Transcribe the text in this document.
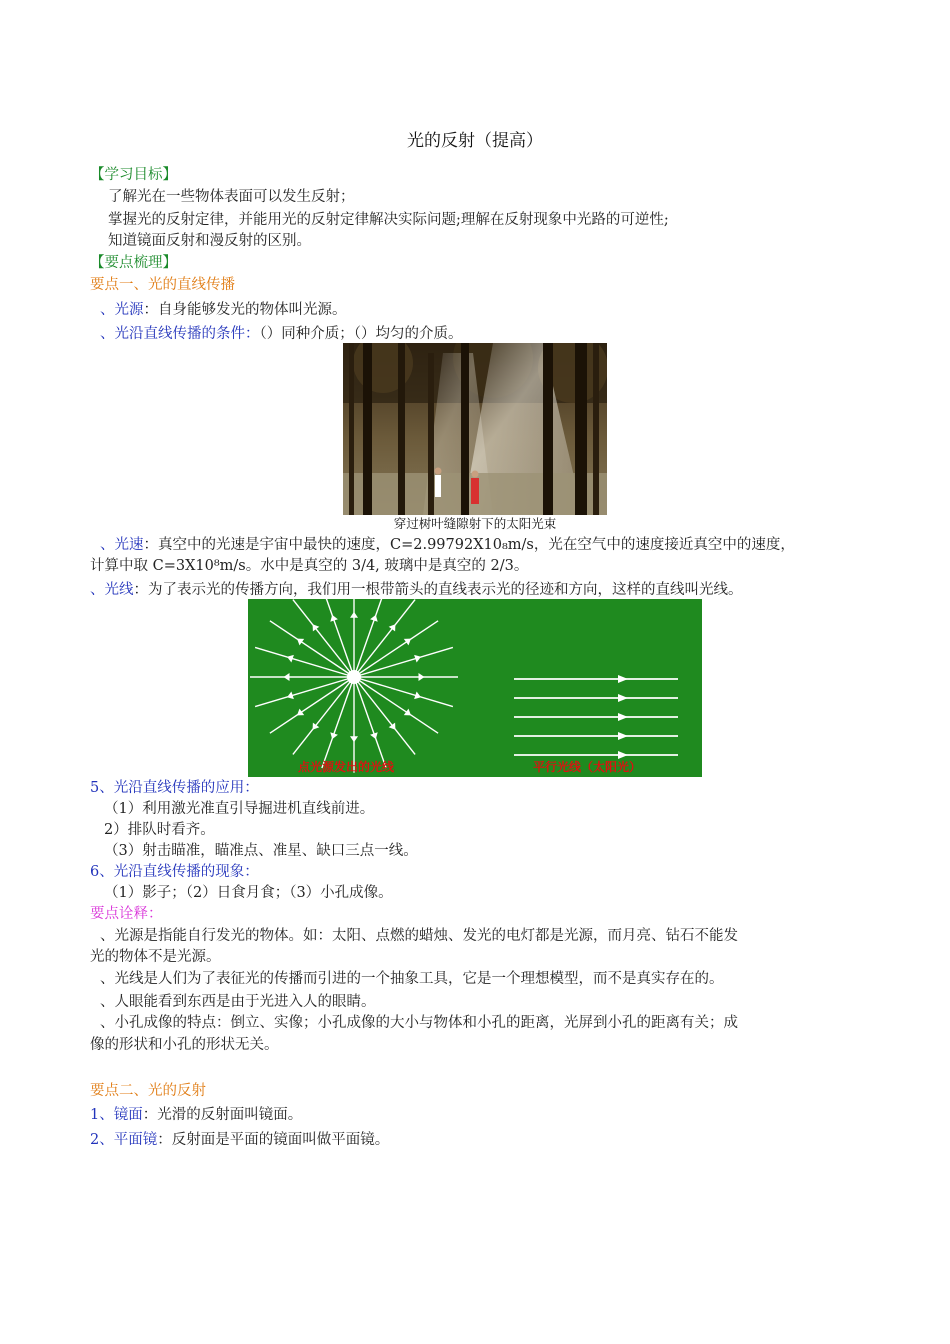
光的反射（提高）
【学习目标】
了解光在一些物体表面可以发生反射；
掌握光的反射定律，并能用光的反射定律解决实际问题;理解在反射现象中光路的可逆性;
知道镜面反射和漫反射的区别。
【要点梳理】
要点一、光的直线传播
、光源：自身能够发光的物体叫光源。
、光沿直线传播的条件：（）同种介质；（）均匀的介质。
穿过树叶缝隙射下的太阳光束
、光速：真空中的光速是宇宙中最快的速度，C=2.99792X10₈m/s，光在空气中的速度接近真空中的速度，
计算中取 C=3X10⁸m/s。水中是真空的 3/4, 玻璃中是真空的 2/3。
、光线：为了表示光的传播方向，我们用一根带箭头的直线表示光的径迹和方向，这样的直线叫光线。
点光源发出的光线	平行光线（太阳光）
5、光沿直线传播的应用：
（1）利用激光准直引导掘进机直线前进。
2）排队时看齐。
（3）射击瞄准，瞄准点、准星、缺口三点一线。
6、光沿直线传播的现象：
（1）影子；（2）日食月食；（3）小孔成像。
要点诠释：
、光源是指能自行发光的物体。如：太阳、点燃的蜡烛、发光的电灯都是光源，而月亮、钻石不能发
光的物体不是光源。
、光线是人们为了表征光的传播而引进的一个抽象工具，它是一个理想模型，而不是真实存在的。
、人眼能看到东西是由于光进入人的眼睛。
、小孔成像的特点：倒立、实像；小孔成像的大小与物体和小孔的距离，光屏到小孔的距离有关；成
像的形状和小孔的形状无关。
要点二、光的反射
1、镜面：光滑的反射面叫镜面。
2、平面镜：反射面是平面的镜面叫做平面镜。
